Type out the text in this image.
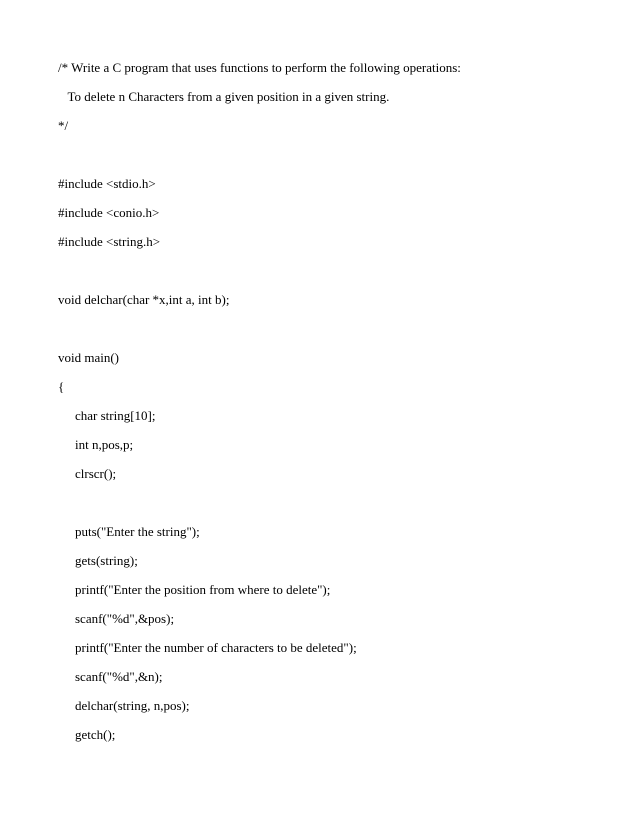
/* Write a C program that uses functions to perform the following operations:
To delete n Characters from a given position in a given string.
*/
#include <stdio.h>
#include <conio.h>
#include <string.h>
void delchar(char *x,int a, int b);
void main()
{
char string[10];
int n,pos,p;
clrscr();
puts("Enter the string");
gets(string);
printf("Enter the position from where to delete");
scanf("%d",&pos);
printf("Enter the number of characters to be deleted");
scanf("%d",&n);
delchar(string, n,pos);
getch();
